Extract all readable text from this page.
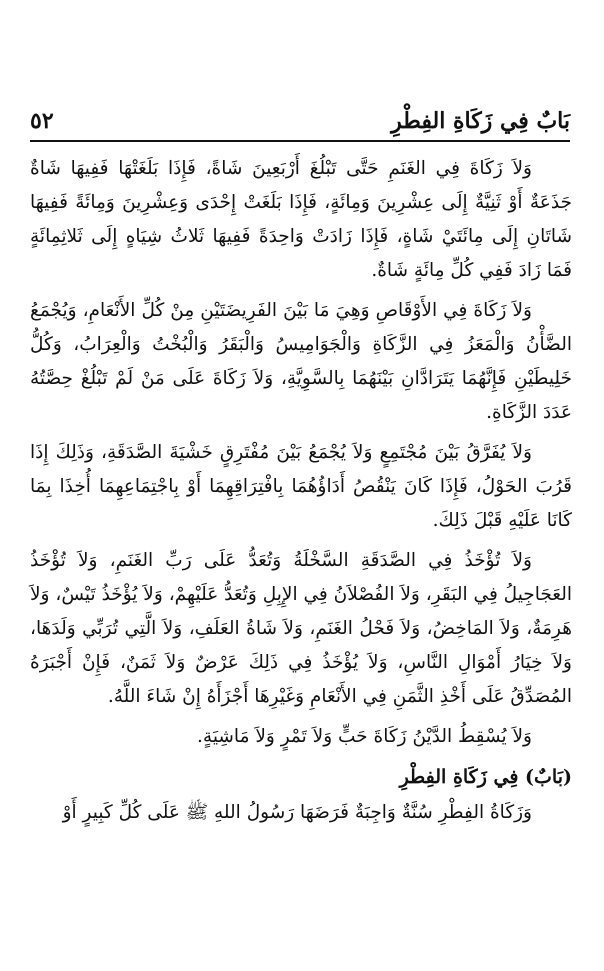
٥٢	بَابٌ فِي زَكَاةِ الفِطْرِ

وَلاَ زَكَاةَ فِي الغَنَمِ حَتَّى تَبْلُغَ أَرْبَعِينَ شَاةً، فَإِذَا بَلَغَتْهَا فَفِيهَا شَاةٌ جَذَعَةٌ أَوْ ثَنِيَّةٌ إِلَى عِشْرِينَ وَمِائَةٍ، فَإِذَا بَلَغَتْ إِحْدَى وَعِشْرِينَ وَمِائَةً فَفِيهَا شَاتَانِ إِلَى مِائَتَيْ شَاةٍ، فَإِذَا زَادَتْ وَاحِدَةً فَفِيهَا ثَلاثُ شِيَاهٍ إِلَى ثَلاثِمِائَةٍ فَمَا زَادَ فَفِي كُلِّ مِائَةٍ شَاةٌ.

وَلاَ زَكَاةَ فِي الأَوْقَاصِ وَهِيَ مَا بَيْنَ الفَرِيضَتَيْنِ مِنْ كُلِّ الأَنْعَامِ، وَيُجْمَعُ الضَّأْنُ وَالْمَعَزُ فِي الزَّكَاةِ وَالْجَوَامِيسُ وَالْبَقَرُ وَالْبُخْتُ وَالْعِرَابُ، وَكُلُّ خَلِيطَيْنِ فَإِنَّهُمَا يَتَرَادَّانِ بَيْنَهُمَا بِالسَّوِيَّةِ، وَلاَ زَكَاةَ عَلَى مَنْ لَمْ تَبْلُغْ حِصَّتُهُ عَدَدَ الزَّكَاةِ.

وَلاَ يُفَرَّقُ بَيْنَ مُجْتَمِعٍ وَلاَ يُجْمَعُ بَيْنَ مُفْتَرِقٍ خَشْيَةَ الصَّدَقَةِ، وَذَلِكَ إِذَا قَرُبَ الحَوْلُ، فَإِذَا كَانَ يَنْقُصُ أَدَاؤُهُمَا بِافْتِرَاقِهِمَا أَوْ بِاجْتِمَاعِهِمَا أُخِذَا بِمَا كَانَا عَلَيْهِ قَبْلَ ذَلِكَ.

وَلاَ تُؤْخَذُ فِي الصَّدَقَةِ السَّخْلَةُ وَتُعَدُّ عَلَى رَبِّ الغَنَمِ، وَلاَ تُؤْخَذُ العَجَاجِيلُ فِي البَقَرِ، وَلاَ الفُصْلاَنُ فِي الإِبِلِ وَتُعَدُّ عَلَيْهِمْ، وَلاَ يُؤْخَذُ تَيْسٌ، وَلاَ هَرِمَةٌ، وَلاَ المَاخِضُ، وَلاَ فَحْلُ الغَنَمِ، وَلاَ شَاةُ العَلَفِ، وَلاَ الَّتِي تُرَبِّي وَلَدَهَا، وَلاَ خِيَارُ أَمْوَالِ النَّاسِ، وَلاَ يُؤْخَذُ فِي ذَلِكَ عَرْضٌ وَلاَ ثَمَنٌ، فَإِنْ أَجْبَرَهُ المُصَدِّقُ عَلَى أَخْذِ الثَّمَنِ فِي الأَنْعَامِ وَغَيْرِهَا أَجْزَأَهُ إِنْ شَاءَ اللَّهُ.

وَلاَ يُسْقِطُ الدَّيْنُ زَكَاةَ حَبٍّ وَلاَ تَمْرٍ وَلاَ مَاشِيَةٍ.

(بَابٌ) فِي زَكَاةِ الفِطْرِ

وَزَكَاةُ الفِطْرِ سُنَّةٌ وَاجِبَةٌ فَرَضَهَا رَسُولُ اللهِ ﷺ عَلَى كُلِّ كَبِيرٍ أَوْ
